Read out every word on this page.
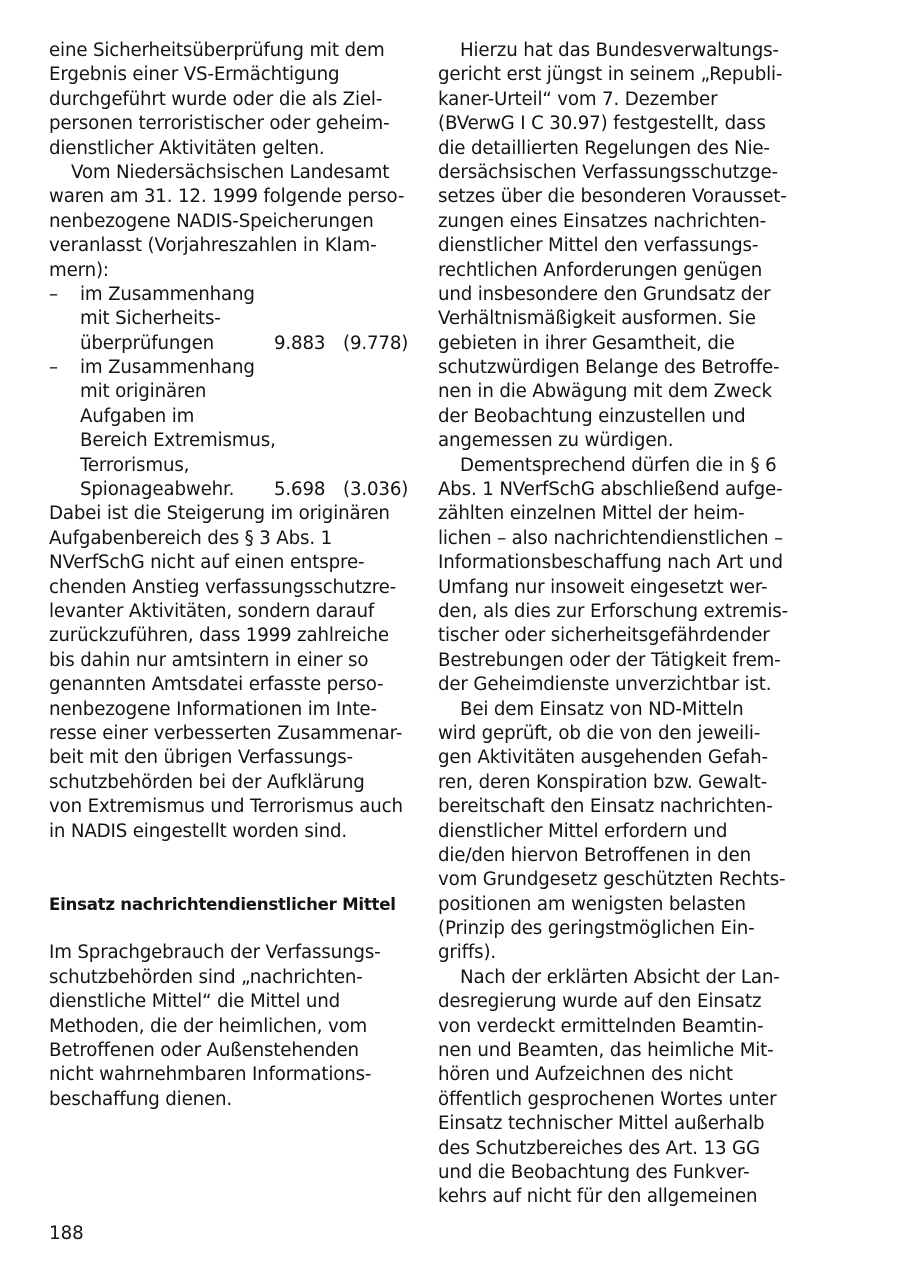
eine Sicherheitsüberprüfung mit dem
Ergebnis einer VS-Ermächtigung
durchgeführt wurde oder die als Ziel-
personen terroristischer oder geheim-
dienstlicher Aktivitäten gelten.
Vom Niedersächsischen Landesamt
waren am 31. 12. 1999 folgende perso-
nenbezogene NADIS-Speicherungen
veranlasst (Vorjahreszahlen in Klam-
mern):
– im Zusammenhang
mit Sicherheits-
überprüfungen	9.883 (9.778)
– im Zusammenhang
mit originären
Aufgaben im
Bereich Extremismus,
Terrorismus,
Spionageabwehr. 5.698 (3.036)
Dabei ist die Steigerung im originären
Aufgabenbereich des § 3 Abs. 1
NVerfSchG nicht auf einen entspre-
chenden Anstieg verfassungsschutzre-
levanter Aktivitäten, sondern darauf
zurückzuführen, dass 1999 zahlreiche
bis dahin nur amtsintern in einer so
genannten Amtsdatei erfasste perso-
nenbezogene Informationen im Inte-
resse einer verbesserten Zusammenar-
beit mit den übrigen Verfassungs-
schutzbehörden bei der Aufklärung
von Extremismus und Terrorismus auch
in NADIS eingestellt worden sind.
Einsatz nachrichtendienstlicher Mittel
Im Sprachgebrauch der Verfassungs-
schutzbehörden sind „nachrichten-
dienstliche Mittel“ die Mittel und
Methoden, die der heimlichen, vom
Betroffenen oder Außenstehenden
nicht wahrnehmbaren Informations-
beschaffung dienen.
Hierzu hat das Bundesverwaltungs-
gericht erst jüngst in seinem „Republi-
kaner-Urteil“ vom 7. Dezember
(BVerwG I C 30.97) festgestellt, dass
die detaillierten Regelungen des Nie-
dersächsischen Verfassungsschutzge-
setzes über die besonderen Vorausset-
zungen eines Einsatzes nachrichten-
dienstlicher Mittel den verfassungs-
rechtlichen Anforderungen genügen
und insbesondere den Grundsatz der
Verhältnismäßigkeit ausformen. Sie
gebieten in ihrer Gesamtheit, die
schutzwürdigen Belange des Betroffe-
nen in die Abwägung mit dem Zweck
der Beobachtung einzustellen und
angemessen zu würdigen.
Dementsprechend dürfen die in § 6
Abs. 1 NVerfSchG abschließend aufge-
zählten einzelnen Mittel der heim-
lichen – also nachrichtendienstlichen –
Informationsbeschaffung nach Art und
Umfang nur insoweit eingesetzt wer-
den, als dies zur Erforschung extremis-
tischer oder sicherheitsgefährdender
Bestrebungen oder der Tätigkeit frem-
der Geheimdienste unverzichtbar ist.
Bei dem Einsatz von ND-Mitteln
wird geprüft, ob die von den jeweili-
gen Aktivitäten ausgehenden Gefah-
ren, deren Konspiration bzw. Gewalt-
bereitschaft den Einsatz nachrichten-
dienstlicher Mittel erfordern und
die/den hiervon Betroffenen in den
vom Grundgesetz geschützten Rechts-
positionen am wenigsten belasten
(Prinzip des geringstmöglichen Ein-
griffs).
Nach der erklärten Absicht der Lan-
desregierung wurde auf den Einsatz
von verdeckt ermittelnden Beamtin-
nen und Beamten, das heimliche Mit-
hören und Aufzeichnen des nicht
öffentlich gesprochenen Wortes unter
Einsatz technischer Mittel außerhalb
des Schutzbereiches des Art. 13 GG
und die Beobachtung des Funkver-
kehrs auf nicht für den allgemeinen
188
